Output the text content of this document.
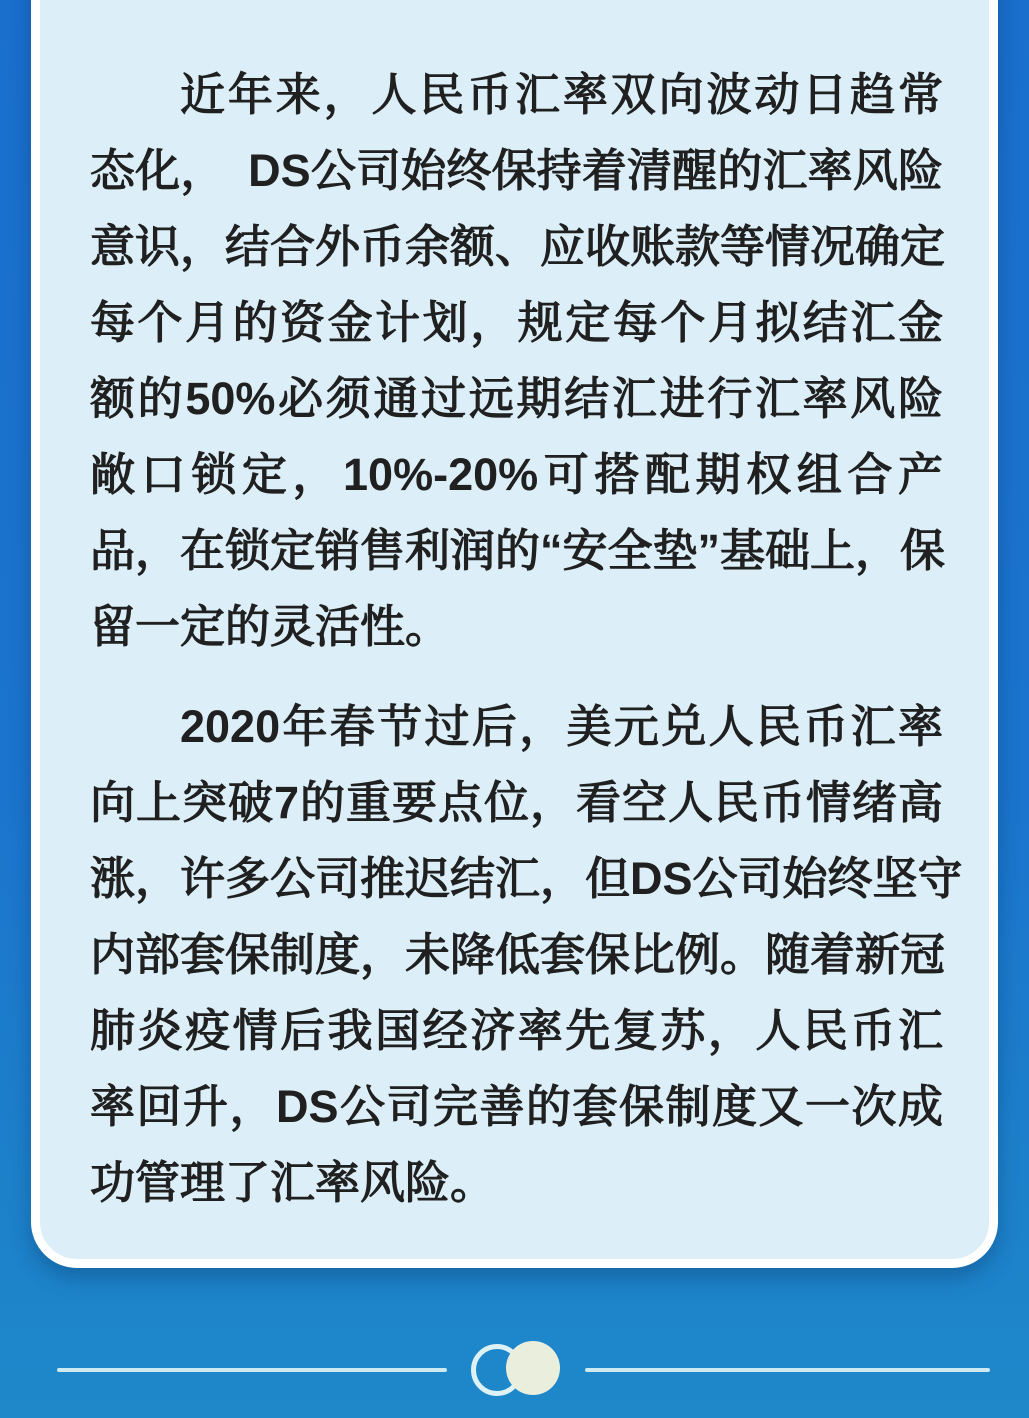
近年来，人民币汇率双向波动日趋常
态化，　DS公司始终保持着清醒的汇率风险
意识，结合外币余额、应收账款等情况确定
每个月的资金计划，规定每个月拟结汇金
额的50%必须通过远期结汇进行汇率风险
敞口锁定，10%-20%可搭配期权组合产
品，在锁定销售利润的“安全垫”基础上，保
留一定的灵活性。
2020年春节过后，美元兑人民币汇率
向上突破7的重要点位，看空人民币情绪高
涨，许多公司推迟结汇，但DS公司始终坚守
内部套保制度，未降低套保比例。随着新冠
肺炎疫情后我国经济率先复苏，人民币汇
率回升，DS公司完善的套保制度又一次成
功管理了汇率风险。
